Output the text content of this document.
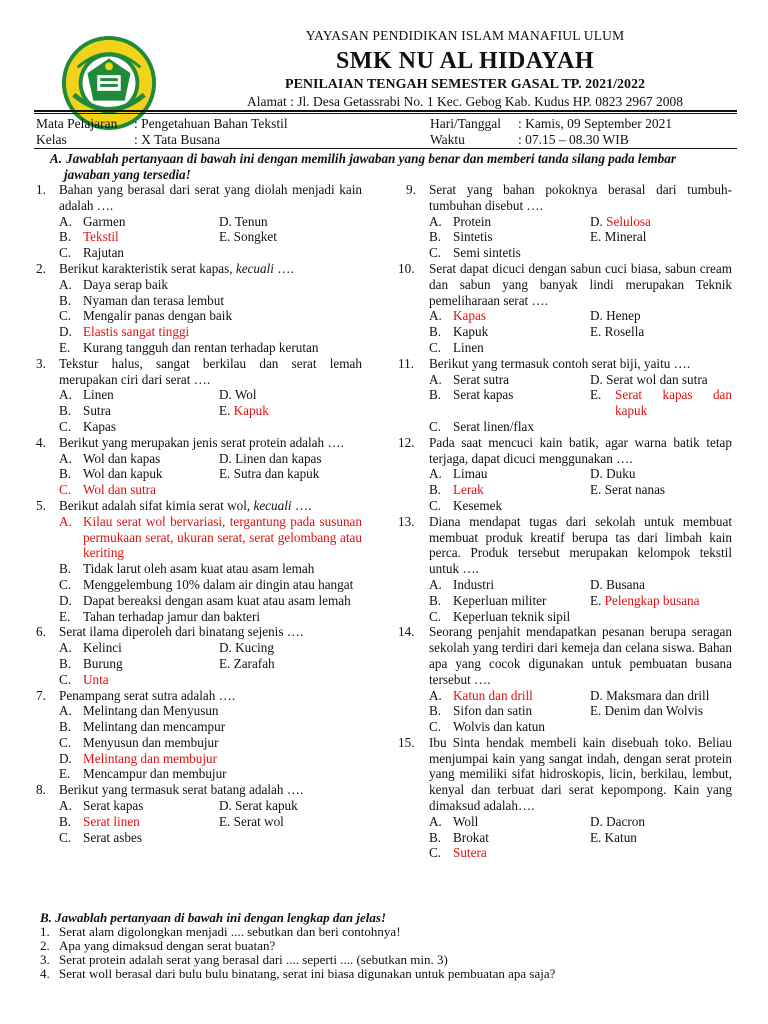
YAYASAN PENDIDIKAN ISLAM MANAFIUL ULUM
SMK NU AL HIDAYAH
PENILAIAN TENGAH SEMESTER GASAL TP. 2021/2022
Alamat : Jl. Desa Getassrabi No. 1 Kec. Gebog Kab. Kudus HP. 0823 2967 2008
Mata Pelajaran : Pengetahuan Bahan Tekstil
Kelas	: X Tata Busana
Hari/Tanggal : Kamis, 09 September 2021
Waktu	: 07.15 – 08.30 WIB
A. Jawablah pertanyaan di bawah ini dengan memilih jawaban yang benar dan memberi tanda silang pada lembar
jawaban yang tersedia!
1. Bahan yang berasal dari serat yang diolah menjadi kain adalah ….
A. Garmen	D. Tenun
B. Tekstil	E. Songket
C. Rajutan
2. Berikut karakteristik serat kapas, kecuali ….
A. Daya serap baik
B. Nyaman dan terasa lembut
C. Mengalir panas dengan baik
D. Elastis sangat tinggi
E. Kurang tangguh dan rentan terhadap kerutan
3. Tekstur halus, sangat berkilau dan serat lemah merupakan ciri dari serat ….
A. Linen	D. Wol
B. Sutra	E. Kapuk
C. Kapas
4. Berikut yang merupakan jenis serat protein adalah ….
A. Wol dan kapas	D. Linen dan kapas
B. Wol dan kapuk	E. Sutra dan kapuk
C. Wol dan sutra
5. Berikut adalah sifat kimia serat wol, kecuali ….
A. Kilau serat wol bervariasi, tergantung pada susunan permukaan serat, ukuran serat, serat gelombang atau keriting
B. Tidak larut oleh asam kuat atau asam lemah
C. Menggelembung 10% dalam air dingin atau hangat
D. Dapat bereaksi dengan asam kuat atau asam lemah
E. Tahan terhadap jamur dan bakteri
6. Serat ilama diperoleh dari binatang sejenis ….
A. Kelinci	D. Kucing
B. Burung	E. Zarafah
C. Unta
7. Penampang serat sutra adalah ….
A. Melintang dan Menyusun
B. Melintang dan mencampur
C. Menyusun dan membujur
D. Melintang dan membujur
E. Mencampur dan membujur
8. Berikut yang termasuk serat batang adalah ….
A. Serat kapas	D. Serat kapuk
B. Serat linen	E. Serat wol
C. Serat asbes
9. Serat yang bahan pokoknya berasal dari tumbuh-tumbuhan disebut ….
A. Protein	D. Selulosa
B. Sintetis	E. Mineral
C. Semi sintetis
10.	Serat dapat dicuci dengan sabun cuci biasa, sabun cream dan sabun yang banyak lindi merupakan Teknik pemeliharaan serat ….
A. Kapas	D. Henep
B. Kapuk	E. Rosella
C. Linen
11.	Berikut yang termasuk contoh serat biji, yaitu ….
A. Serat sutra	D. Serat wol dan sutra
B. Serat kapas	E.	Serat kapas dan kapuk
C. Serat linen/flax
12.	Pada saat mencuci kain batik, agar warna batik tetap terjaga, dapat dicuci menggunakan ….
A. Limau	D. Duku
B. Lerak	E. Serat nanas
C. Kesemek
13.	Diana mendapat tugas dari sekolah untuk membuat membuat produk kreatif berupa tas dari limbah kain perca. Produk tersebut merupakan kelompok tekstil untuk ….
A. Industri	D. Busana
B. Keperluan militer	E. Pelengkap busana
C. Keperluan teknik sipil
14.	Seorang penjahit mendapatkan pesanan berupa seragan sekolah yang terdiri dari kemeja dan celana siswa. Bahan apa yang cocok digunakan untuk pembuatan busana tersebut ….
A. Katun dan drill	D. Maksmara dan drill
B. Sifon dan satin	E. Denim dan Wolvis
C. Wolvis dan katun
15.	Ibu Sinta hendak membeli kain disebuah toko. Beliau menjumpai kain yang sangat indah, dengan serat protein yang memiliki sifat hidroskopis, licin, berkilau, lembut, kenyal dan terbuat dari serat kepompong. Kain yang dimaksud adalah….
A. Woll	D. Dacron
B. Brokat	E. Katun
C. Sutera
B. Jawablah pertanyaan di bawah ini dengan lengkap dan jelas!
1. Serat alam digolongkan menjadi .... sebutkan dan beri contohnya!
2. Apa yang dimaksud dengan serat buatan?
3. Serat protein adalah serat yang berasal dari .... seperti .... (sebutkan min. 3)
4. Serat woll berasal dari bulu bulu binatang, serat ini biasa digunakan untuk pembuatan apa saja?
